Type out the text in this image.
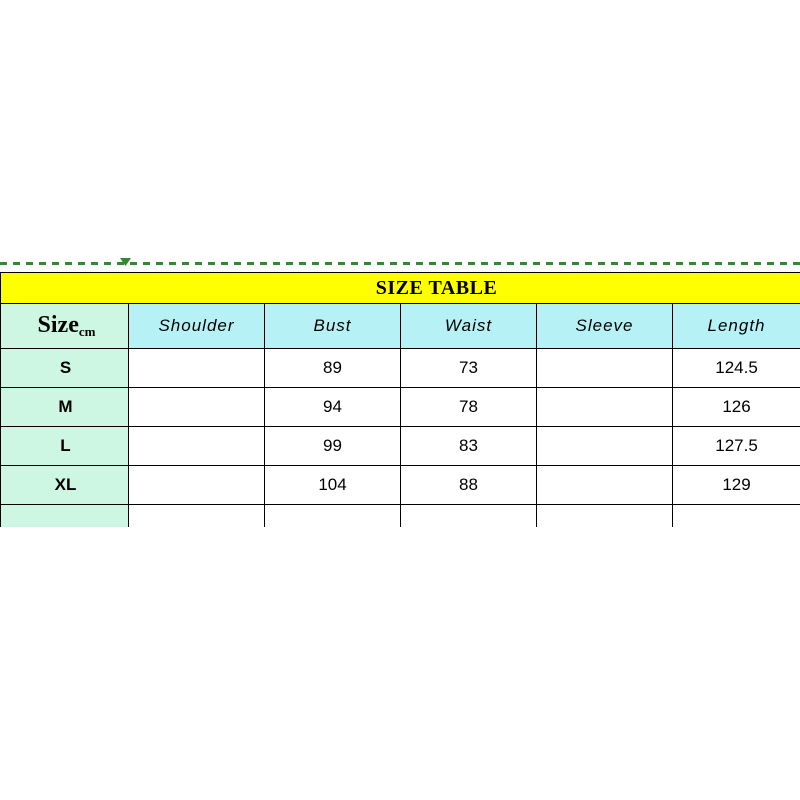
SIZE TABLE					

Size$_{cm}$	Shoulder	Bust	Waist	Sleeve	Length
S		89	73		124.5
M		94	78		126
L		99	83		127.5
XL		104	88		129
